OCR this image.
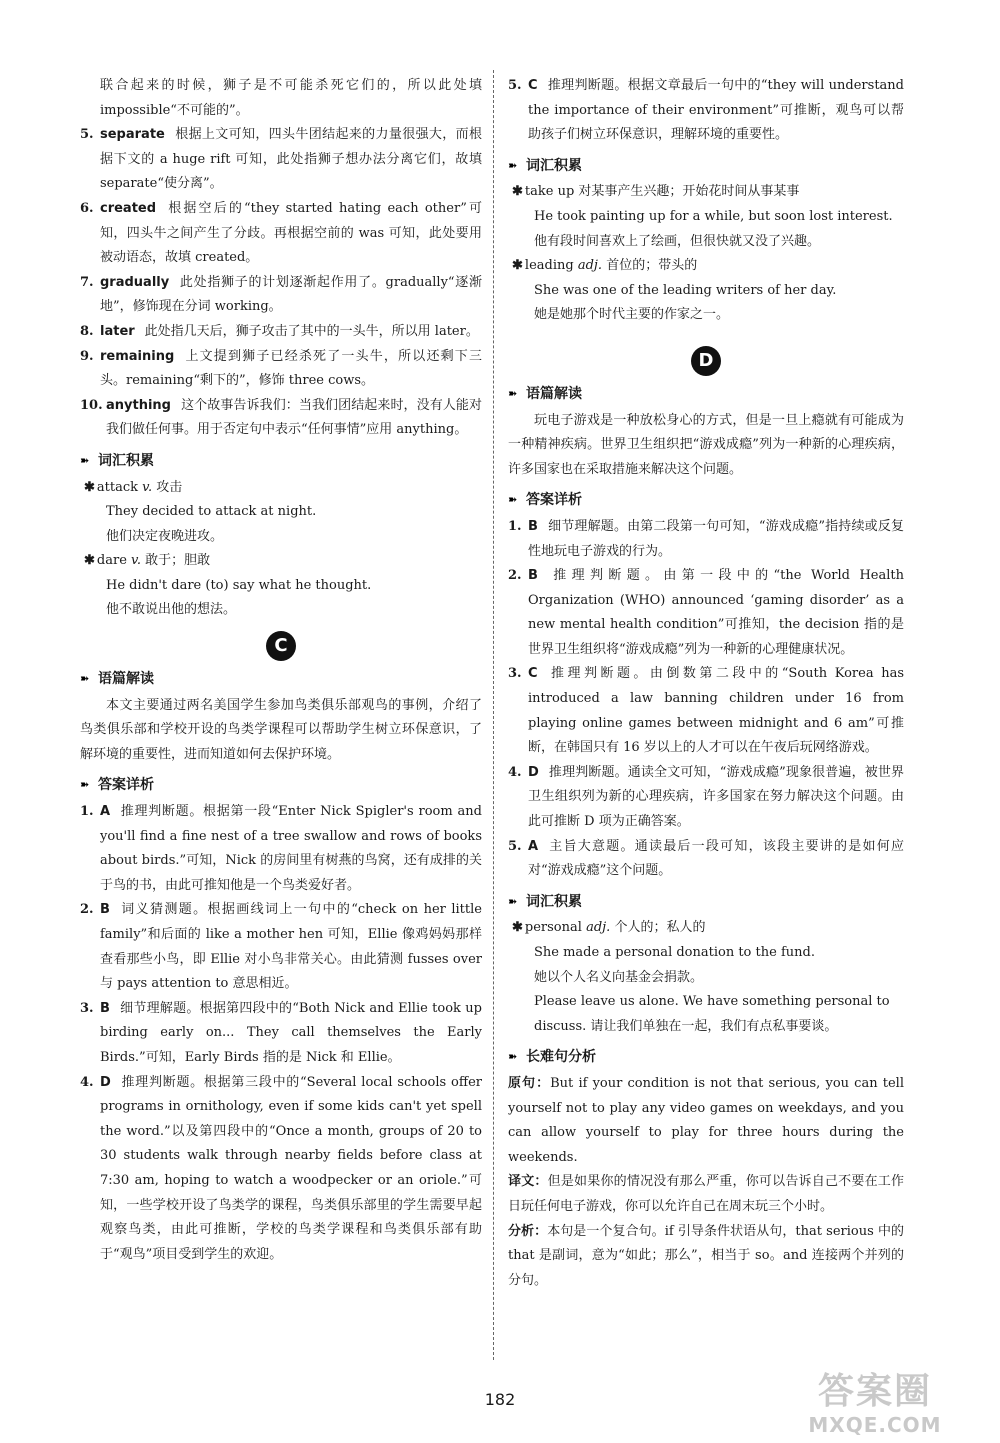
联合起来的时候，狮子是不可能杀死它们的，所以此处填impossible“不可能的”。

5. separate 根据上文可知，四头牛团结起来的力量很强大，而根据下文的 a huge rift 可知，此处指狮子想办法分离它们，故填 separate“使分离”。
6. created 根据空后的“they started hating each other”可知，四头牛之间产生了分歧。再根据空前的 was 可知，此处要用被动语态，故填 created。
7. gradually 此处指狮子的计划逐渐起作用了。gradually“逐渐地”，修饰现在分词 working。
8. later 此处指几天后，狮子攻击了其中的一头牛，所以用 later。
9. remaining 上文提到狮子已经杀死了一头牛，所以还剩下三头。remaining“剩下的”，修饰 three cows。
10. anything 这个故事告诉我们：当我们团结起来时，没有人能对我们做任何事。用于否定句中表示“任何事情”应用 anything。
➽ 词汇积累
✱ attack v. 攻击
They decided to attack at night.
他们决定夜晚进攻。
✱ dare v. 敢于；胆敢
He didn't dare (to) say what he thought.
他不敢说出他的想法。
C
➽ 语篇解读

本文主要通过两名美国学生参加鸟类俱乐部观鸟的事例，介绍了鸟类俱乐部和学校开设的鸟类学课程可以帮助学生树立环保意识，了解环境的重要性，进而知道如何去保护环境。

➽ 答案详析
1. A 推理判断题。根据第一段“Enter Nick Spigler's room and you'll find a fine nest of a tree swallow and rows of books about birds.”可知，Nick 的房间里有树燕的鸟窝，还有成排的关于鸟的书，由此可推知他是一个鸟类爱好者。
2. B 词义猜测题。根据画线词上一句中的“check on her little family”和后面的 like a mother hen 可知，Ellie 像鸡妈妈那样查看那些小鸟，即 Ellie 对小鸟非常关心。由此猜测 fusses over 与 pays attention to 意思相近。
3. B 细节理解题。根据第四段中的“Both Nick and Ellie took up birding early on... They call themselves the Early Birds.”可知，Early Birds 指的是 Nick 和 Ellie。
4. D 推理判断题。根据第三段中的“Several local schools offer programs in ornithology, even if some kids can't yet spell the word.”以及第四段中的“Once a month, groups of 20 to 30 students walk through nearby fields before class at 7:30 am, hoping to watch a woodpecker or an oriole.”可知，一些学校开设了鸟类学的课程，鸟类俱乐部里的学生需要早起观察鸟类，由此可推断，学校的鸟类学课程和鸟类俱乐部有助于“观鸟”项目受到学生的欢迎。
5. C 推理判断题。根据文章最后一句中的“they will understand the importance of their environment”可推断，观鸟可以帮助孩子们树立环保意识，理解环境的重要性。
➽ 词汇积累
✱ take up 对某事产生兴趣；开始花时间从事某事
He took painting up for a while, but soon lost interest.
他有段时间喜欢上了绘画，但很快就又没了兴趣。
✱ leading adj. 首位的；带头的
She was one of the leading writers of her day.
她是她那个时代主要的作家之一。
D
➽ 语篇解读

玩电子游戏是一种放松身心的方式，但是一旦上瘾就有可能成为一种精神疾病。世界卫生组织把“游戏成瘾”列为一种新的心理疾病，许多国家也在采取措施来解决这个问题。

➽ 答案详析
1. B 细节理解题。由第二段第一句可知，“游戏成瘾”指持续或反复性地玩电子游戏的行为。
2. B 推理判断题。由第一段中的“the World Health Organization (WHO) announced ‘gaming disorder’ as a new mental health condition”可推知，the decision 指的是世界卫生组织将“游戏成瘾”列为一种新的心理健康状况。
3. C 推理判断题。由倒数第二段中的“South Korea has introduced a law banning children under 16 from playing online games between midnight and 6 am”可推断，在韩国只有 16 岁以上的人才可以在午夜后玩网络游戏。
4. D 推理判断题。通读全文可知，“游戏成瘾”现象很普遍，被世界卫生组织列为新的心理疾病，许多国家在努力解决这个问题。由此可推断 D 项为正确答案。
5. A 主旨大意题。通读最后一段可知，该段主要讲的是如何应对“游戏成瘾”这个问题。
➽ 词汇积累
✱ personal adj. 个人的；私人的
She made a personal donation to the fund.
她以个人名义向基金会捐款。
Please leave us alone. We have something personal to discuss. 请让我们单独在一起，我们有点私事要谈。
➽ 长难句分析

原句：But if your condition is not that serious, you can tell yourself not to play any video games on weekdays, and you can allow yourself to play for three hours during the weekends.

译文：但是如果你的情况没有那么严重，你可以告诉自己不要在工作日玩任何电子游戏，你可以允许自己在周末玩三个小时。

分析：本句是一个复合句。if 引导条件状语从句，that serious 中的 that 是副词，意为“如此；那么”，相当于 so。and 连接两个并列的分句。

182	答案圈
MXQE.COM
